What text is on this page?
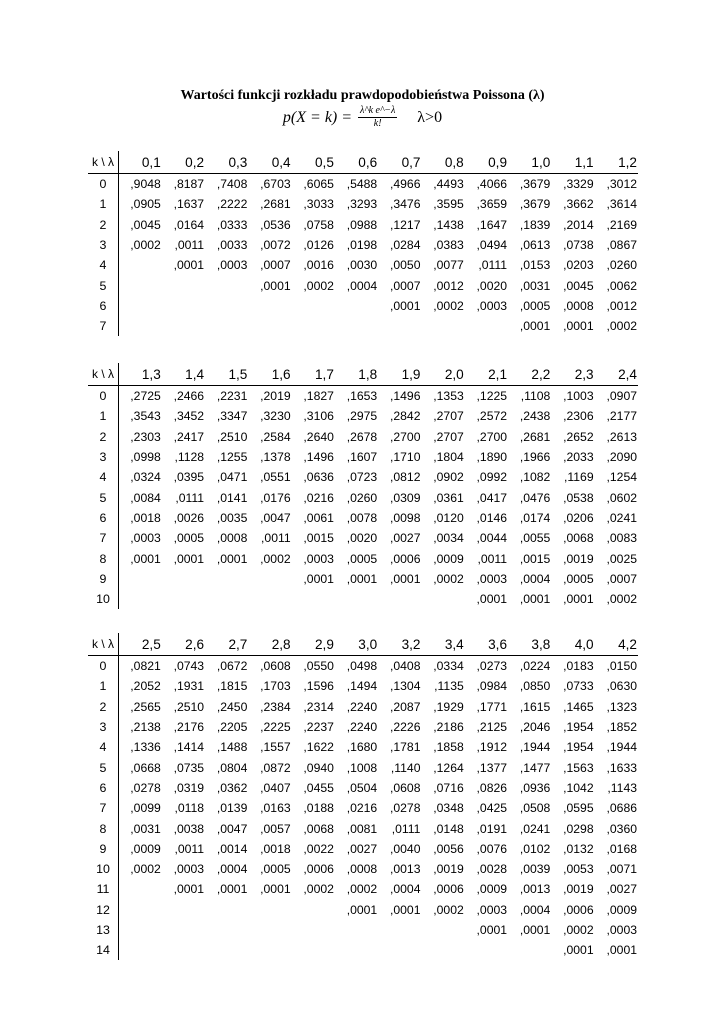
Wartości funkcji rozkładu prawdopodobieństwa Poissona (λ)
$p(X = k) = \frac{\text{λ\textasciicircum{}k e\textasciicircum{}−λ}}{k!} \lambda>0$
k \ λ	0,1	0,2	0,3	0,4	0,5	0,6	0,7	0,8	0,9	1,0	1,1	1,2
0	,9048	,8187	,7408	,6703	,6065	,5488	,4966	,4493	,4066	,3679	,3329	,3012
1	,0905	,1637	,2222	,2681	,3033	,3293	,3476	,3595	,3659	,3679	,3662	,3614
2	,0045	,0164	,0333	,0536	,0758	,0988	,1217	,1438	,1647	,1839	,2014	,2169
3	,0002	,0011	,0033	,0072	,0126	,0198	,0284	,0383	,0494	,0613	,0738	,0867
4		,0001	,0003	,0007	,0016	,0030	,0050	,0077	,0111	,0153	,0203	,0260
5				,0001	,0002	,0004	,0007	,0012	,0020	,0031	,0045	,0062
6							,0001	,0002	,0003	,0005	,0008	,0012
7										,0001	,0001	,0002
k \ λ	1,3	1,4	1,5	1,6	1,7	1,8	1,9	2,0	2,1	2,2	2,3	2,4
0	,2725	,2466	,2231	,2019	,1827	,1653	,1496	,1353	,1225	,1108	,1003	,0907
1	,3543	,3452	,3347	,3230	,3106	,2975	,2842	,2707	,2572	,2438	,2306	,2177
2	,2303	,2417	,2510	,2584	,2640	,2678	,2700	,2707	,2700	,2681	,2652	,2613
3	,0998	,1128	,1255	,1378	,1496	,1607	,1710	,1804	,1890	,1966	,2033	,2090
4	,0324	,0395	,0471	,0551	,0636	,0723	,0812	,0902	,0992	,1082	,1169	,1254
5	,0084	,0111	,0141	,0176	,0216	,0260	,0309	,0361	,0417	,0476	,0538	,0602
6	,0018	,0026	,0035	,0047	,0061	,0078	,0098	,0120	,0146	,0174	,0206	,0241
7	,0003	,0005	,0008	,0011	,0015	,0020	,0027	,0034	,0044	,0055	,0068	,0083
8	,0001	,0001	,0001	,0002	,0003	,0005	,0006	,0009	,0011	,0015	,0019	,0025
9					,0001	,0001	,0001	,0002	,0003	,0004	,0005	,0007
10									,0001	,0001	,0001	,0002
k \ λ	2,5	2,6	2,7	2,8	2,9	3,0	3,2	3,4	3,6	3,8	4,0	4,2
0	,0821	,0743	,0672	,0608	,0550	,0498	,0408	,0334	,0273	,0224	,0183	,0150
1	,2052	,1931	,1815	,1703	,1596	,1494	,1304	,1135	,0984	,0850	,0733	,0630
2	,2565	,2510	,2450	,2384	,2314	,2240	,2087	,1929	,1771	,1615	,1465	,1323
3	,2138	,2176	,2205	,2225	,2237	,2240	,2226	,2186	,2125	,2046	,1954	,1852
4	,1336	,1414	,1488	,1557	,1622	,1680	,1781	,1858	,1912	,1944	,1954	,1944
5	,0668	,0735	,0804	,0872	,0940	,1008	,1140	,1264	,1377	,1477	,1563	,1633
6	,0278	,0319	,0362	,0407	,0455	,0504	,0608	,0716	,0826	,0936	,1042	,1143
7	,0099	,0118	,0139	,0163	,0188	,0216	,0278	,0348	,0425	,0508	,0595	,0686
8	,0031	,0038	,0047	,0057	,0068	,0081	,0111	,0148	,0191	,0241	,0298	,0360
9	,0009	,0011	,0014	,0018	,0022	,0027	,0040	,0056	,0076	,0102	,0132	,0168
10	,0002	,0003	,0004	,0005	,0006	,0008	,0013	,0019	,0028	,0039	,0053	,0071
11		,0001	,0001	,0001	,0002	,0002	,0004	,0006	,0009	,0013	,0019	,0027
12						,0001	,0001	,0002	,0003	,0004	,0006	,0009
13									,0001	,0001	,0002	,0003
14											,0001	,0001
